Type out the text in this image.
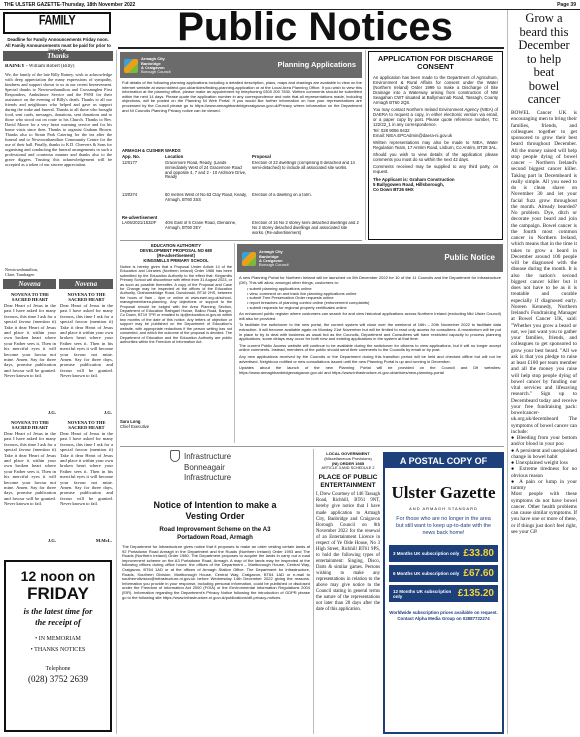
THE ULSTER GAZETTE-Thursday, 18th November 2022	Page 39
FAMILY
Deadline for Family Announcements Friday noon.
All Family Announcements must be paid for prior to	Public Notices
Thanks
RAINEY - William Robert (Billy)
We, the family of the late Billy Rainey, wish to acknowledge with deep appreciation the many expressions of sympathy, kindness and support shown to us in our recent bereavement. Special thanks to Newtownhamilton and Crossmaglen First Responders, Ambulance Service and the PSNI for their assistance on the evening of Billy's death. Thanks to all our friends and neighbours who helped and gave us support during the wake and funeral. Thanks to all those who brought food, sent cards, messages, donations, sent donations and to those who stood out on route to his Church. Thanks to Rev. David Moore for a very heart warming service and for his home visits since then. Thanks to organist Graham Brown. Thanks also to Strain Park Catering for the tea after the funeral and to Newtownhamilton Community Centre for the use of their hall. Finally, thanks to K.D. Cheevers & Sons for organising and conducting the funeral arrangements in such a professional and courteous manner and thanks also to the grave diggers. Trusting this acknowledgement will be accepted as a token of our sincere appreciation.
Newtownhamilton,
Clare, Tandragee.
Novena	Novena
NOVENA TO THE SACRED HEART
Dear Heart of Jesus in the past I have asked for many favours, this time I ask for a special favour (mention it) Take it dear Heart of Jesus and place it within your own broken heart where your Father sees it. Then in his merciful eyes it will become your favour not mine. Amen. Say for three days, promise publication and favour will be granted. Never known to fail.
J.G.
NOVENA TO THE SACRED HEART
Dear Heart of Jesus in the past I have asked for many favours, this time I ask for a special favour (mention it) Take it dear Heart of Jesus and place it within your own broken heart where your Father sees it. Then in his merciful eyes it will become your favour not mine. Amen. Say for three days, promise publication and favour will be granted. Never known to fail.
J.G.
NOVENA TO THE SACRED HEART
Dear Heart of Jesus in the past I have asked for many favours, this time I ask for a special favour (mention it) Take it dear Heart of Jesus and place it within your own broken heart where your Father sees it. Then in his merciful eyes it will become your favour not mine. Amen. Say for three days, promise publication and favour will be granted. Never known to fail.
J.G.
NOVENA TO THE SACRED HEART
Dear Heart of Jesus in the past I have asked for many favours, this time I ask for a special favour (mention it) Take it dear Heart of Jesus and place it within your own broken heart where your Father sees it. Then in his merciful eyes it will become your favour not mine. Amen. Say for three days, promise publication and favour will be granted. Never known to fail.
M.McL.
12 noon on
FRIDAY
is the latest time for the receipt of
• IN MEMORIAM
• THANKS NOTICES
Telephone
(028) 3752 2639
Armagh City
Banbridge
& Craigavon
Borough Council
Planning Applications
Full details of the following planning applications including a detailed description, plans, maps and drawings are available to view on the internet website at www.nidirect.gov.uk/articles/finding-planning-application or at the Local Area Planning Office. If you wish to view this information at the planning office, please make an appointment by telephoning 0300 200 7830. Written comments should be submitted within the next 14 days. Please quote the application number in any correspondence and note that all representations made, including objections, will be posted on the Planning NI Web Portal. If you would like further information on how your representations are processed by the Council please go to https://www.armaghbanbridgecraigavon.gov.uk/Privacy where information on the Department and NI Councils Planning Privacy notice can be viewed.
ARMAGH & CUSHER WARDS
App. No.	Location	Proposal
12/0177	Gracemore Road, Ready, (Lands immediately West of 24 Gracemore Road and opposite 4, 7 and 2 - 10 Ardmore Drive, Ready
Erection of 22 dwellings (comprising 8 detached and 14 semi-detached) to include all associated site works.
13/0374	60 metres West of No.63 Clay Road, Keady, Armagh, BT60 3SS
Erection of a dwelling on a farm.
Re-advertisement
LA06/2021/1532/F	40m East of 5 Crane Road, Glenanne, Armagh, BT60 2EY
Erection of 16 No 2 storey semi detached dwellings and 2 No 2 storey detached dwellings and associated site works. (Re-advertisement)
APPLICATION FOR DISCHARGE CONSENT
An application has been made to the Department of Agriculture, Environment & Rural Affairs for consent under the Water (Northern Ireland) Order 1999 to make a Discharge of Site Drainage into a Waterway arising from construction of NW Seagahan CWT situated at Ballymacnab Road, Tassagh, County Armagh BT60 2QS.
You may contact Northern Ireland Environment Agency (NIEA) of DAERA to request a copy, in either electronic version via email, or a paper copy by post. Please quote reference number, TC 122/22_1 in any correspondence.
Tel: 028 9056 9432
Email: NIEA.EPCAdmin@daera-ni.gov.uk
Written representations may also be made to NIEA, Water Regulation Team, 17 Antrim Road, Lisburn, Co Antrim, BT28 3AL.
Should you wish to view details of the application please comments you must do so within the next 42 days.
Comments received may be supplied to any third party, on request.
The Applicant is: Graham Construction
5 Ballygowen Road, Hillsborough,
Co Down BT26 6HX
EDUCATION AUTHORITY
DEVELOPMENT PROPOSAL NO 680
(Re-advertisement)
KINGSMILLS PRIMARY SCHOOL
Notice is hereby given that a Proposal Under Article 14 of the Education and Libraries (Northern Ireland) Order 1986 has been submitted by the Education Authority to the effect that: Kingsmills Primary School will discontinue with effect from 31 August 2023, or as soon as possible thereafter. A copy of the Proposal and Case for Change may be inspected at the offices of the Education Authority, Grahamsbridge Road, Dundonald, BT16 2HS, between the hours of 9am - 4pm or online at www.eani.org.uk/school-management/area-planning. Any objections or support to the Proposal should be lodged with the Area Planning Section, Department of Education Rathgael House, Balloo Road, Bangor, Co Down, BT19 7PR or emailed to dp@education-ni.gov.uk within two months of the date of this notice. Any letters of objection or support may be published on the Department of Education's website, with appropriate redactions if the person writing has not consented, and which the outcome of the proposal is decided. The Department of Education and the Education Authority are public authorities within the Freedom of Information Act.
Sara Long
Chief Executive
Armagh City
Banbridge
& Craigavon
Borough Council
Public Notice
A new Planning Portal for Northern Ireland will be launched on 5th December 2022 for 10 of the 11 Councils and the Department for Infrastructure (DfI). This will allow, amongst other things, customers to:
• submit planning applications online
• view, comment on and track live planning applications online
• submit Tree Preservation Order requests online
• report breaches of planning control online (enforcement complaints)
• submit requests for regional property certificates online
An enhanced public register where customers can search for and view historical applications across Northern Ireland (excluding Mid Ulster Council) will also be provided.
To facilitate the switchover to the new portal, the current system will close over the weekend of 16th – 20th November 2022 to facilitate data extraction. It will become available again on Monday 21st November but will be limited to read only access for consultees. A moratorium will be put in place to try to deal with business as usual but as the Councils, Department and Consultees will have restricted capacity to process planning applications, some delays may occur for both new and existing applications in the system at that time.
The current Public Access website will continue to be available during the switchover for citizens to view applications, but it will no longer accept online comments. Instead, members of the public should send their comments to the Councils by email or by post.
Any new applications received by the Councils or the Department during this transition period will be held and checked offline but will not be advertised. Neighbour notified or new consultations issued until the new Planning Portal is up and running in December.
Updates about the launch of the new Planning Portal will be provided on the Council and DfI websites: https://www.armaghbanbridgecraigavon.gov.uk/ and https://www.infrastructure-ni.gov.uk/articles/new-planning-portal
Infrastructure
Bonneagair
Infrastructure
Notice of Intention to make a
Vesting Order
Road Improvement Scheme on the A3
Portadown Road, Armagh
The Department for Infrastructure gives notice that it proposes to make an order vesting certain lands at 92 Portadown Road Armagh in the Department and the Roads (Northern Ireland) Order 1993 and The Roads (Northern Ireland) Order 1980. The Department proposes to acquire the lands in carry out a road improvement scheme on the A3 Portadown Road, Armagh. A map of the lands may be inspected at the following offices during office hours: the offices of the Department – Marlborough House, Central Way, Craigavon, BT64 1AD or at the offices of Armagh Station Office. The Department for Infrastructure, Roads, Southern Division, Marlborough House, Central Way, Craigavon, BT64 1AD or e-mail to southerndivision@infrastructure-ni.gov.uk before Wednesday 14th December 2022 giving the reasons. Information you provide in your response, including personal information, could be published or disclosed under the Freedom of Information Act 2000 (FOIA) or the Environmental Information Regulations 2004 (EIR). Information regarding the Department's Privacy Notice following the introduction of GDPR please go to the following site https://www.infrastructure-ni.gov.uk/publications/dfi-privacy-notices.
LOCAL GOVERNMENT
(Miscellaneous Provisions)
(NI) ORDER 1985
ARTICLE 3 AND SCHEDULE 2
PLACE OF PUBLIC ENTERTAINMENT
I, Drew Courtney of 146 Tassagh Road, Richhill, BT61 9NT, hereby give notice that I have made application to Armagh City, Banbridge and Craigavon Borough Council on 8th November 2022 for the renewal of an Entertainment Licence in respect of Ye Olde House, No 3 High Street, Richhill BT61 9PS, to hold the following types of entertainment: Singing, Disco, Darts & similar games. Persons wishing to make any representations in relation to the above may give notice to the Council stating in general terms the nature of the representations not later than 28 days after the date of this application.
A POSTAL COPY OF
Ulster Gazette
AND ARMAGH STANDARD
For those who are no longer in the area but still want to keep up-to-date with the news back home!
3 Months UK subscription only £33.80
6 Months UK subscription only £67.60
12 Months UK subscription only	£135.20
Worldwide subscription prices available on request.
Contact Alpha Media Group on 02887722274
Grow a
beard this
December
to help
beat
bowel
cancer
BOWEL Cancer UK is encouraging men to bring their families, friends, and colleagues together to get sponsored to grow their best beard throughout December. All the money raised will help stop people dying of bowel cancer – Northern Ireland's second biggest cancer killer. Taking part in Decembeard is really simple. All you need to do is clean shave on November 30 and let your facial fuzz grow throughout the month. Already bearded? No problem. Dye, ditch or decorate your beard and join the campaign. Bowel cancer is the fourth most common cancer in Northern Ireland, which means that in the time it takes to grow a beard in December around 100 people will be diagnosed with the disease during the month. It is also the nation's second biggest cancer killer but it does not have to be as it is treatable and curable especially if diagnosed early. Noreen Kennedy, Northern Ireland's Fundraising Manager at Bowel Cancer UK, said: "Whether you grow a beard or not, we just want you to gather your families, friends, and colleagues to get sponsored to grow your best beard. "All we ask is that you pledge to raise at least £100 per team member and all the money you raise will help stop people dying of bowel cancer by funding our vital services and lifesaving research." Sign up to Decembeard today and receive your free fundraising pack: bowelcancer-uk.org.uk/decembeard The symptoms of bowel cancer can include:
● Bleeding from your bottom and/or blood in your poo
● A persistent and unexplained change in bowel habit
● Unexplained weight loss
● Extreme tiredness for no obvious reason
● A pain or lump in your tummy
Most people with these symptoms do not have bowel cancer. Other health problems can cause similar symptoms. If you have one or more of these, or if things just don't feel right, see your GP.
